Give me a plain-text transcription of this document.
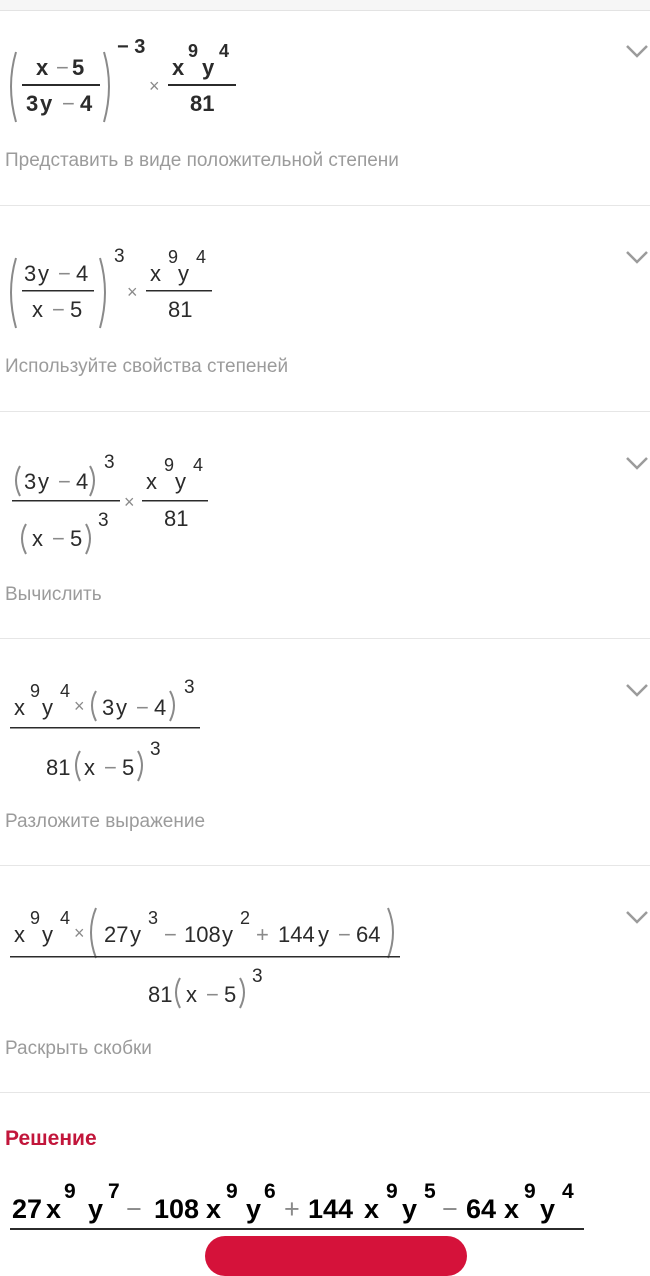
x − 5
3 y − 4
− 3
×
x
9
y
4
81
Представить в виде положительной степени
3 y − 4
x − 5
3
×
x
9
y
4
81
Используйте свойства степеней
3 y − 4
3
x − 5
3
×
x
9
y
4
81
Вычислить
x
9
y
4
× 3 y − 4
3
81 x − 5
3
Разложите выражение
x
9
y
4
× 27 y
3
− 108 y
2
+ 144 y − 64
81 x − 5
3
Раскрыть скобки
Решение
27 x
9
y
7
− 108 x
9
y
6
+ 144 x
9
y
5
− 64 x
9
y
4
